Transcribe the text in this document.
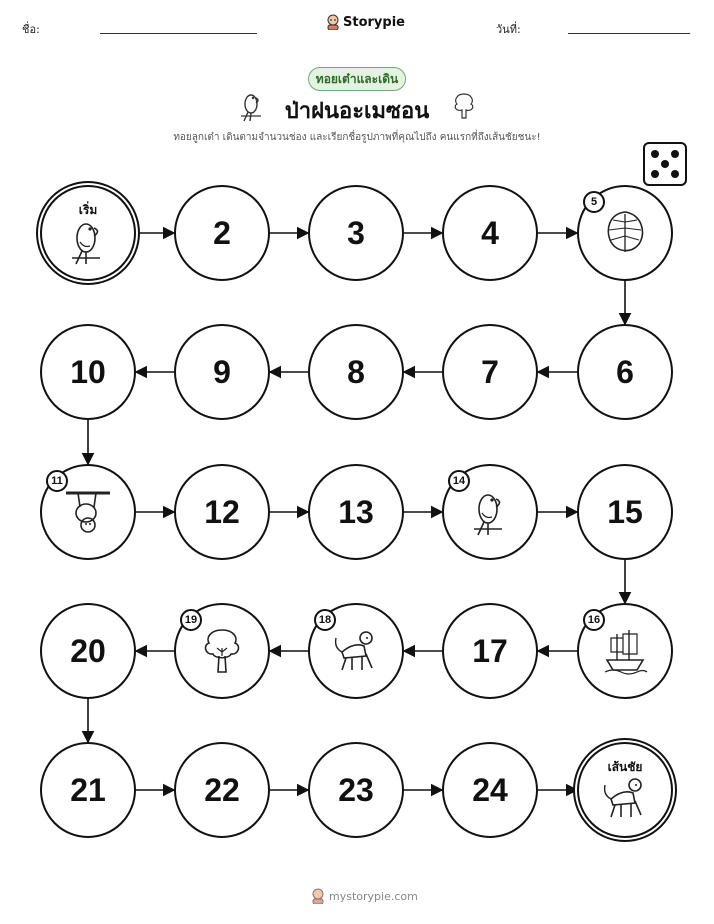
ชื่อ:	Storypie	วันที่:
ทอยเต๋าและเดิน
ป่าฝนอะเมซอน
ทอยลูกเต๋า เดินตามจำนวนช่อง และเรียกชื่อรูปภาพที่คุณไปถึง คนแรกที่ถึงเส้นชัยชนะ!
เริ่ม
2	3	4
5
6
7
8
9
10
11
12	13
14
15
16
17
18
19
20
21	22	23	24
เส้นชัย
mystorypie.com
